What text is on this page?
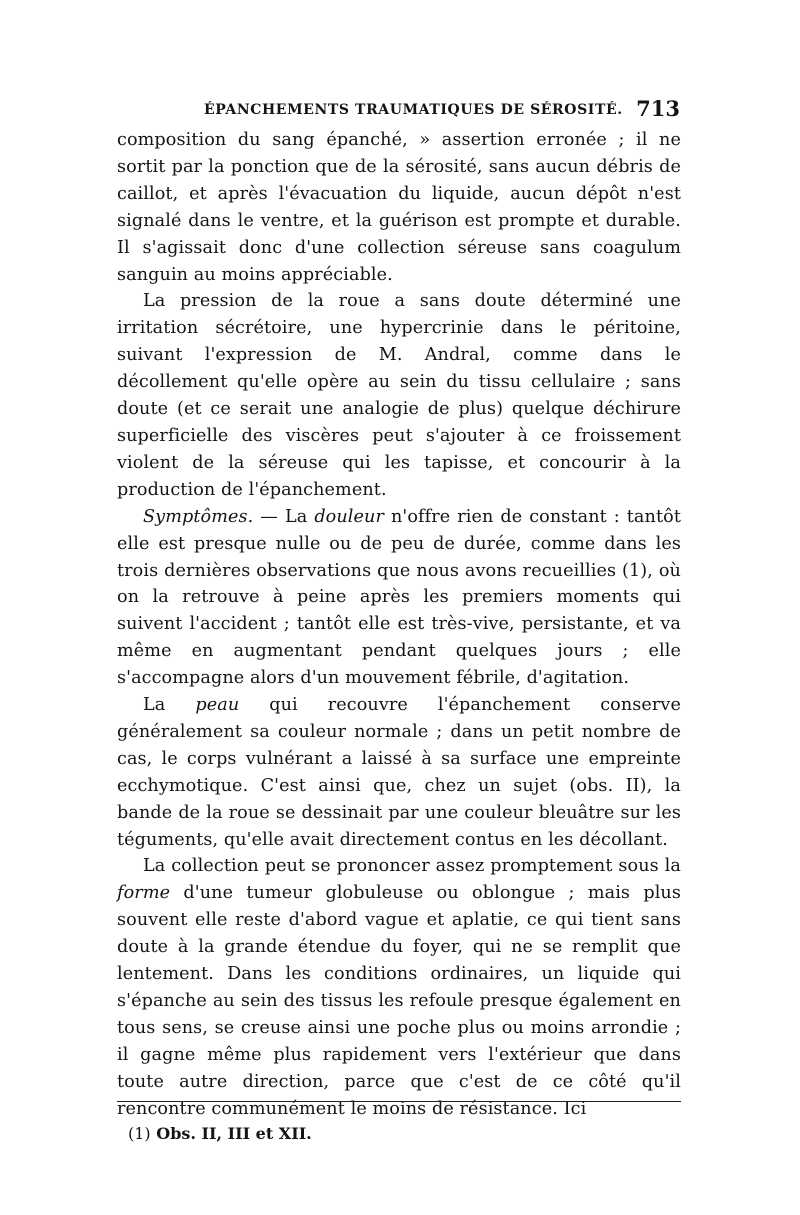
ÉPANCHEMENTS TRAUMATIQUES DE SÉROSITÉ. 713

composition du sang épanché, » assertion erronée ; il ne sortit par la ponction que de la sérosité, sans aucun débris de caillot, et après l'évacuation du liquide, aucun dépôt n'est signalé dans le ventre, et la guérison est prompte et durable. Il s'agissait donc d'une collection séreuse sans coagulum sanguin au moins appréciable.

La pression de la roue a sans doute déterminé une irritation sécrétoire, une hypercrinie dans le péritoine, suivant l'expression de M. Andral, comme dans le décollement qu'elle opère au sein du tissu cellulaire ; sans doute (et ce serait une analogie de plus) quelque déchirure superficielle des viscères peut s'ajouter à ce froissement violent de la séreuse qui les tapisse, et concourir à la production de l'épanchement.

Symptômes. — La douleur n'offre rien de constant : tantôt elle est presque nulle ou de peu de durée, comme dans les trois dernières observations que nous avons recueillies (1), où on la retrouve à peine après les premiers moments qui suivent l'accident ; tantôt elle est très-vive, persistante, et va même en augmentant pendant quelques jours ; elle s'accompagne alors d'un mouvement fébrile, d'agitation.

La peau qui recouvre l'épanchement conserve généralement sa couleur normale ; dans un petit nombre de cas, le corps vulnérant a laissé à sa surface une empreinte ecchymotique. C'est ainsi que, chez un sujet (obs. II), la bande de la roue se dessinait par une couleur bleuâtre sur les téguments, qu'elle avait directement contus en les décollant.

La collection peut se prononcer assez promptement sous la forme d'une tumeur globuleuse ou oblongue ; mais plus souvent elle reste d'abord vague et aplatie, ce qui tient sans doute à la grande étendue du foyer, qui ne se remplit que lentement. Dans les conditions ordinaires, un liquide qui s'épanche au sein des tissus les refoule presque également en tous sens, se creuse ainsi une poche plus ou moins arrondie ; il gagne même plus rapidement vers l'extérieur que dans toute autre direction, parce que c'est de ce côté qu'il rencontre communément le moins de résistance. Ici

(1) Obs. II, III et XII.
